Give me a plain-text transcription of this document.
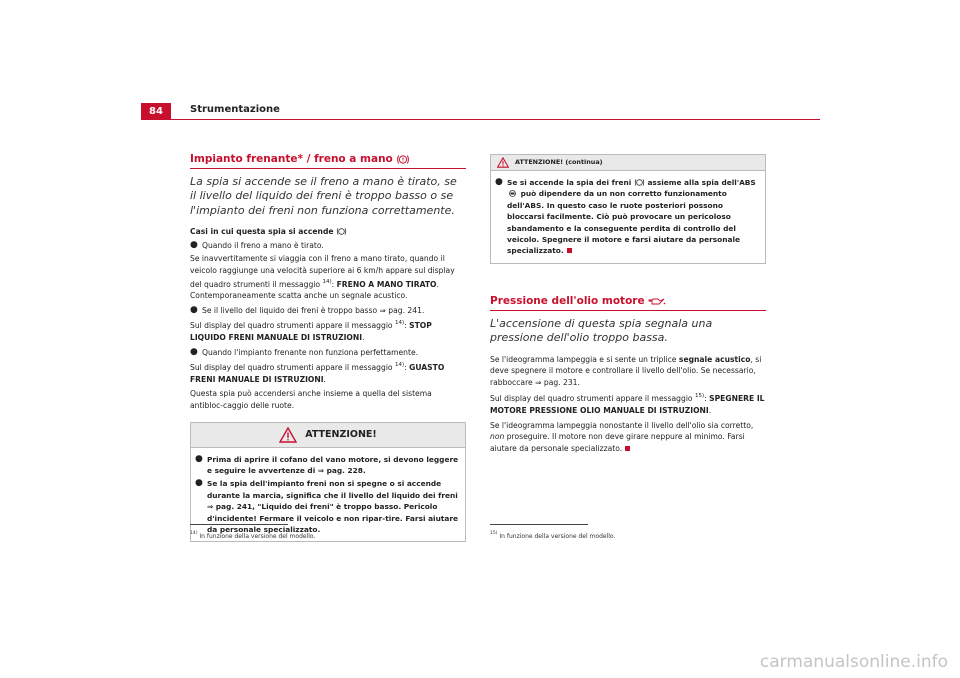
84	Strumentazione
Impianto frenante* / freno a mano !

La spia si accende se il freno a mano è tirato, se il livello del liquido dei freni è troppo basso o se l'impianto dei freni non funziona correttamente.

Casi in cui questa spia si accende

● Quando il freno a mano è tirato.

Se inavvertitamente si viaggia con il freno a mano tirato, quando il veicolo raggiunge una velocità superiore ai 6 km/h appare sul display del quadro strumenti il messaggio $^{14)}$: FRENO A MANO TIRATO. Contemporaneamente scatta anche un segnale acustico.

● Se il livello del liquido dei freni è troppo basso ⇒ pag. 241.

Sul display del quadro strumenti appare il messaggio $^{14)}$: STOP LIQUIDO FRENI MANUALE DI ISTRUZIONI.

● Quando l'impianto frenante non funziona perfettamente.

Sul display del quadro strumenti appare il messaggio $^{14)}$: GUASTO FRENI MANUALE DI ISTRUZIONI.

Questa spia può accendersi anche insieme a quella del sistema antibloc-caggio delle ruote.

ATTENZIONE!
● Prima di aprire il cofano del vano motore, si devono leggere e seguire le avvertenze di ⇒ pag. 228.
● Se la spia dell'impianto freni non si spegne o si accende durante la marcia, significa che il livello del liquido dei freni ⇒ pag. 241, "Liquido dei freni" è troppo basso. Pericolo d'incidente! Fermare il veicolo e non ripar-tire. Farsi aiutare da personale specializzato.
ATTENZIONE! (continua)
● Se si accende la spia dei freni assieme alla spia dell'ABS  può dipendere da un non corretto funzionamento dell'ABS. In questo caso le ruote posteriori possono bloccarsi facilmente. Ciò può provocare un pericoloso sbandamento e la conseguente perdita di controllo del veicolo. Spegnere il motore e farsi aiutare da personale specializzato.
Pressione dell'olio motore

L'accensione di questa spia segnala una pressione dell'olio troppo bassa.

Se l'ideogramma lampeggia e si sente un triplice segnale acustico, si deve spegnere il motore e controllare il livello dell'olio. Se necessario, rabboccare ⇒ pag. 231.

Sul display del quadro strumenti appare il messaggio $^{15)}$: SPEGNERE IL MOTORE PRESSIONE OLIO MANUALE DI ISTRUZIONI.

Se l'ideogramma lampeggia nonostante il livello dell'olio sia corretto, non proseguire. Il motore non deve girare neppure al minimo. Farsi aiutare da personale specializzato.

$^{14)}$ In funzione della versione del modello.	$^{15)}$ In funzione della versione del modello.
carmanualsonline.info
